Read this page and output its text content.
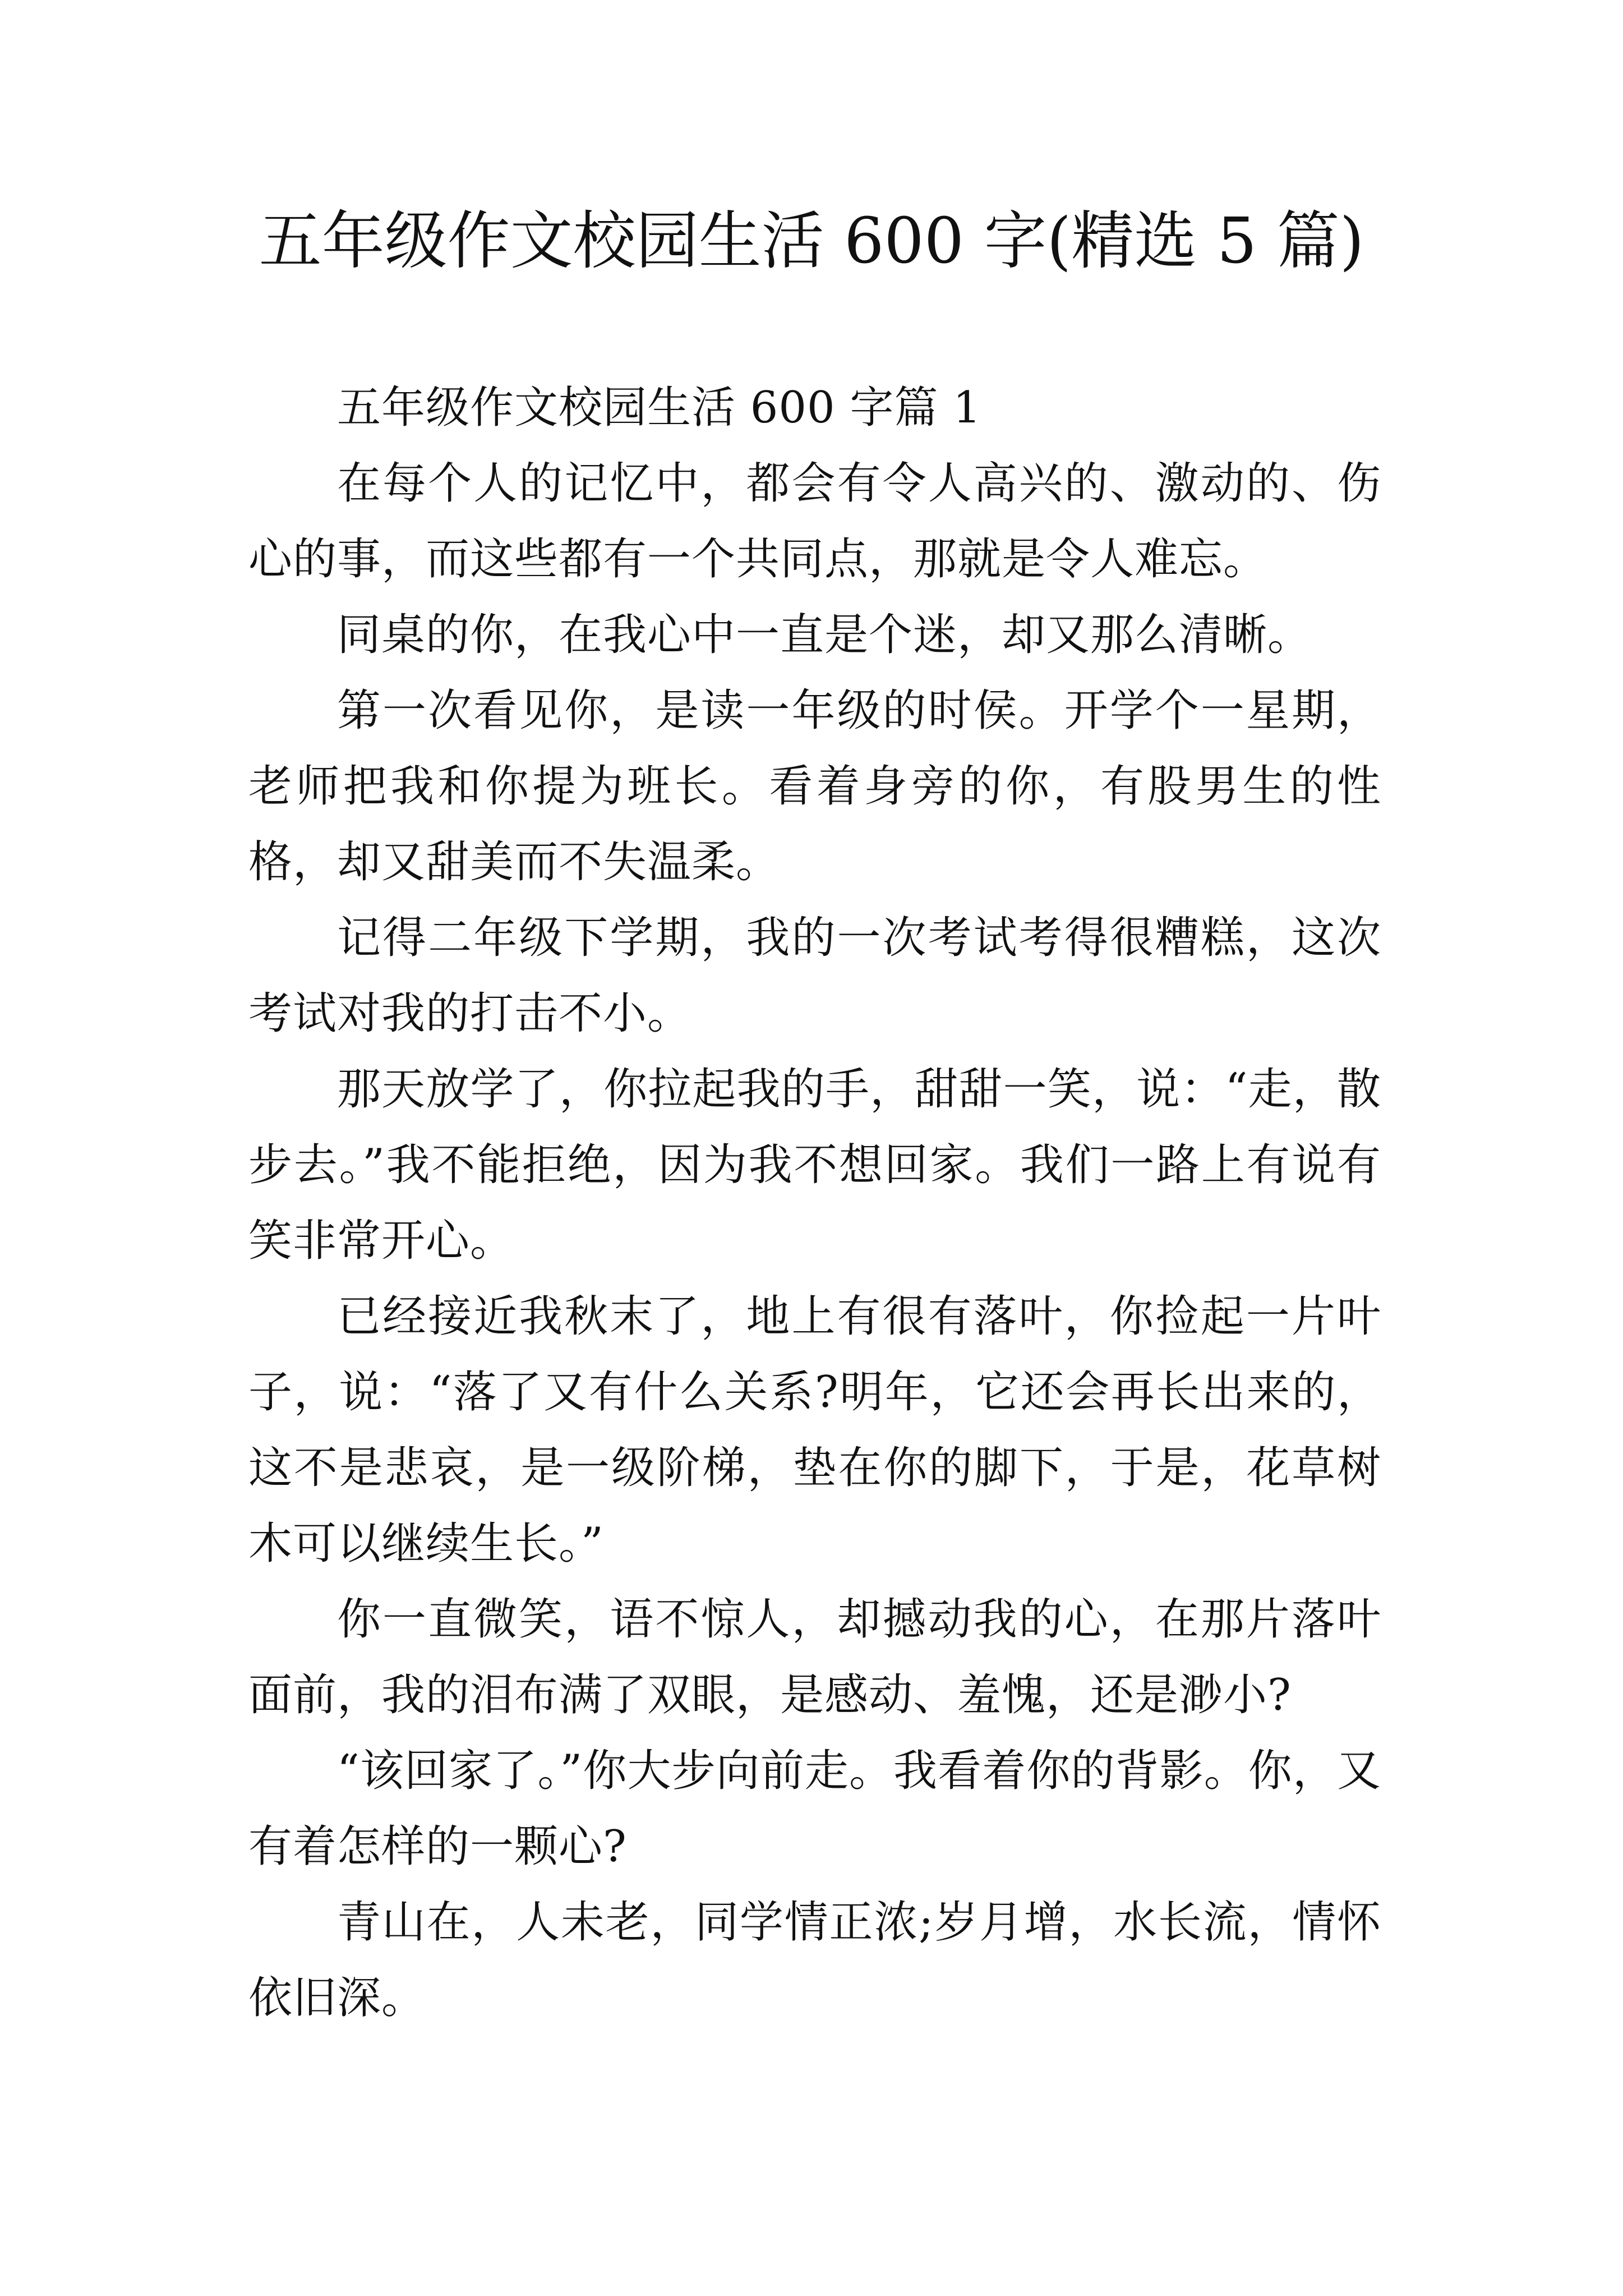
五年级作文校园生活 600 字(精选 5 篇)

五年级作文校园生活 600 字篇 1

在每个人的记忆中，都会有令人高兴的、激动的、伤心的事，而这些都有一个共同点，那就是令人难忘。

同桌的你，在我心中一直是个迷，却又那么清晰。

第一次看见你，是读一年级的时侯。开学个一星期，老师把我和你提为班长。看着身旁的你，有股男生的性格，却又甜美而不失温柔。

记得二年级下学期，我的一次考试考得很糟糕，这次考试对我的打击不小。

那天放学了，你拉起我的手，甜甜一笑，说：“走，散步去。”我不能拒绝，因为我不想回家。我们一路上有说有笑非常开心。

已经接近我秋末了，地上有很有落叶，你捡起一片叶子，说：“落了又有什么关系?明年，它还会再长出来的，这不是悲哀，是一级阶梯，垫在你的脚下，于是，花草树木可以继续生长。”

你一直微笑，语不惊人，却撼动我的心，在那片落叶面前，我的泪布满了双眼，是感动、羞愧，还是渺小?

“该回家了。”你大步向前走。我看着你的背影。你，又有着怎样的一颗心?

青山在，人未老，同学情正浓;岁月增，水长流，情怀依旧深。
